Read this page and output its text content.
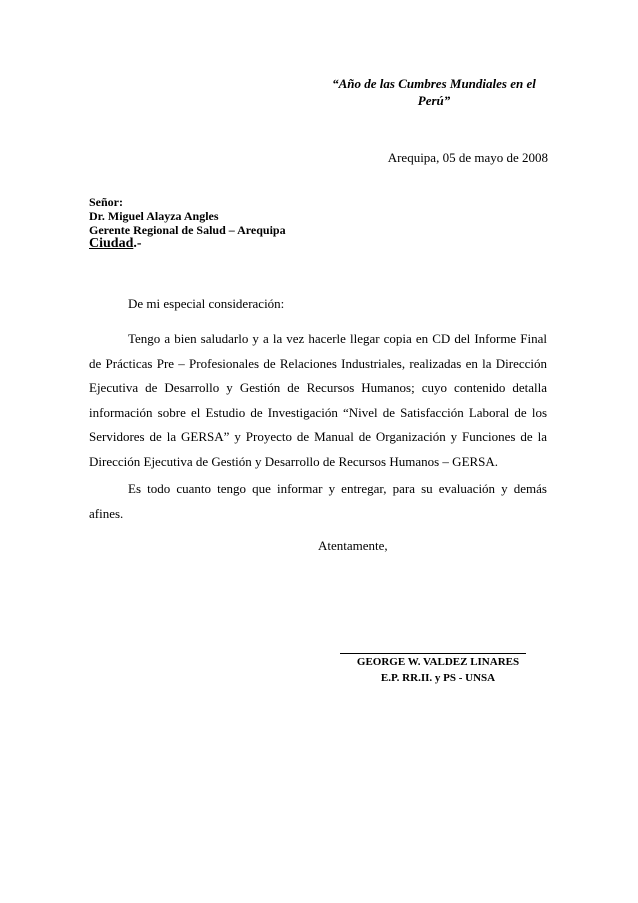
“Año de las Cumbres Mundiales en el
Perú”
Arequipa, 05 de mayo de 2008
Señor:
Dr. Miguel Alayza Angles
Gerente Regional de Salud – Arequipa
Ciudad.-
De mi especial consideración:

Tengo a bien saludarlo y a la vez hacerle llegar copia en CD del Informe Final de Prácticas Pre – Profesionales de Relaciones Industriales, realizadas en la Dirección Ejecutiva de Desarrollo y Gestión de Recursos Humanos; cuyo contenido detalla información sobre el Estudio de Investigación “Nivel de Satisfacción Laboral de los Servidores de la GERSA” y Proyecto de Manual de Organización y Funciones de la Dirección Ejecutiva de Gestión y Desarrollo de Recursos Humanos – GERSA.

Es todo cuanto tengo que informar y entregar, para su evaluación y demás afines.

Atentamente,
GEORGE W. VALDEZ LINARES
E.P. RR.II. y PS - UNSA
